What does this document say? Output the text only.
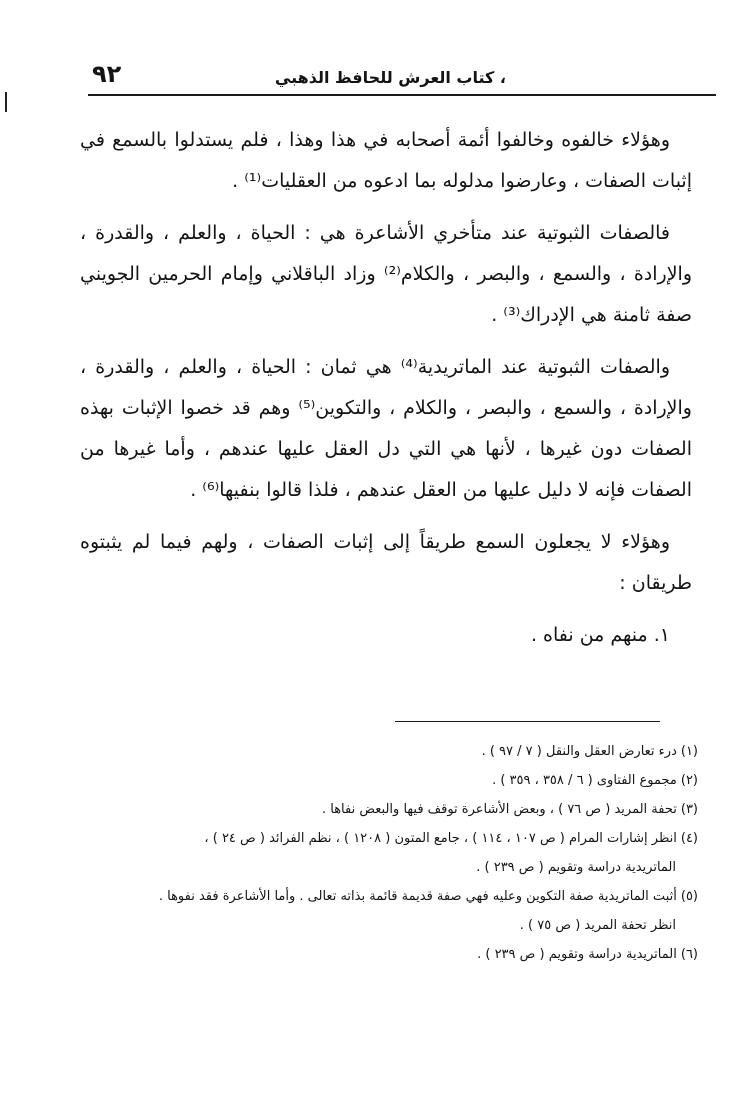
، كتاب العرش للحافظ الذهبي
٩٢

وهؤلاء خالفوه وخالفوا أئمة أصحابه في هذا وهذا ، فلم يستدلوا بالسمع في إثبات الصفات ، وعارضوا مدلوله بما ادعوه من العقليات⁽¹⁾ .

فالصفات الثبوتية عند متأخري الأشاعرة هي : الحياة ، والعلم ، والقدرة ، والإرادة ، والسمع ، والبصر ، والكلام⁽²⁾ وزاد الباقلاني وإمام الحرمين الجويني صفة ثامنة هي الإدراك⁽³⁾ .

والصفات الثبوتية عند الماتريدية⁽⁴⁾ هي ثمان : الحياة ، والعلم ، والقدرة ، والإرادة ، والسمع ، والبصر ، والكلام ، والتكوين⁽⁵⁾ وهم قد خصوا الإثبات بهذه الصفات دون غيرها ، لأنها هي التي دل العقل عليها عندهم ، وأما غيرها من الصفات فإنه لا دليل عليها من العقل عندهم ، فلذا قالوا بنفيها⁽⁶⁾ .

وهؤلاء لا يجعلون السمع طريقاً إلى إثبات الصفات ، ولهم فيما لم يثبتوه طريقان :

١. منهم من نفاه .

(١)درء تعارض العقل والنقل ( ٧ / ٩٧ ) .

(٢)مجموع الفتاوى ( ٦ / ٣٥٨ ، ٣٥٩ ) .

(٣)تحفة المريد ( ص ٧٦ ) ، وبعض الأشاعرة توقف فيها والبعض نفاها .

(٤)انظر إشارات المرام ( ص ١٠٧ ، ١١٤ ) ، جامع المتون ( ١٢٠٨ ) ، نظم الفرائد ( ص ٢٤ ) ،

الماتريدية دراسة وتقويم ( ص ٢٣٩ ) .

(٥)أثبت الماتريدية صفة التكوين وعليه فهي صفة قديمة قائمة بذاته تعالى . وأما الأشاعرة فقد نفوها .

انظر تحفة المريد ( ص ٧٥ ) .

(٦)الماتريدية دراسة وتقويم ( ص ٢٣٩ ) .
